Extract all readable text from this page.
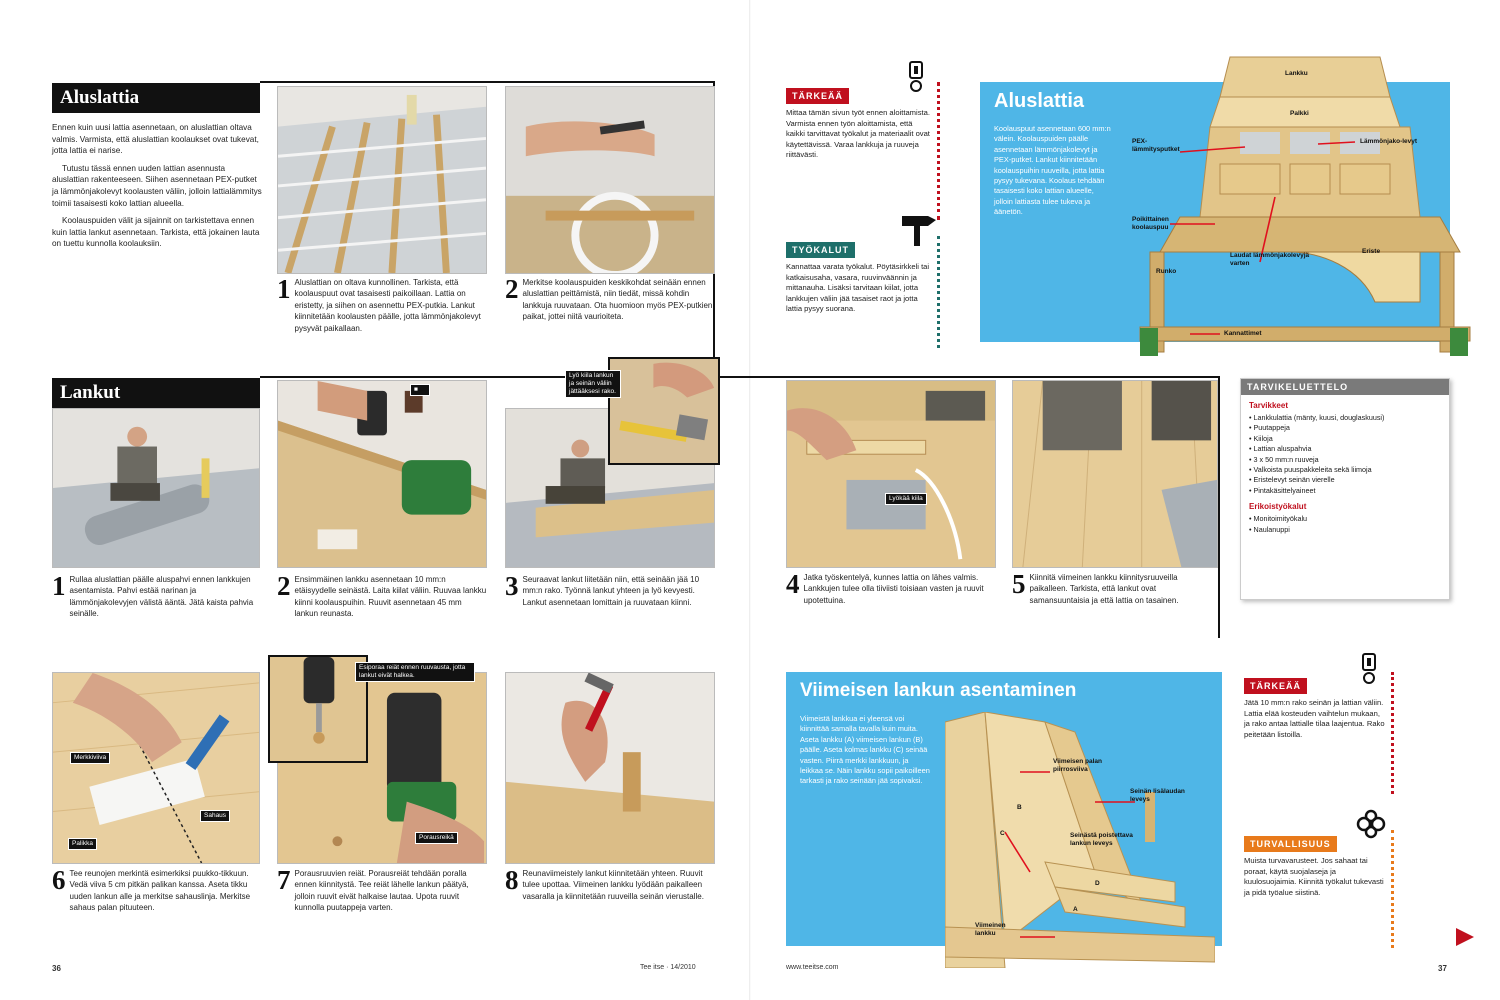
Aluslattia

Ennen kuin uusi lattia asennetaan, on aluslattian oltava valmis. Varmista, että aluslattian koolaukset ovat tukevat, jotta lattia ei narise.

Tutustu tässä ennen uuden lattian asennusta aluslattian rakenteeseen. Siihen asennetaan PEX-putket ja lämmönjakolevyt koolausten väliin, jolloin lattialämmitys toimii tasaisesti koko lattian alueella.

Koolauspuiden välit ja sijainnit on tarkistettava ennen kuin lattia lankut asennetaan. Tarkista, että jokainen lauta on tuettu kunnolla koolauksiin.

1 Aluslattian on oltava kunnollinen. Tarkista, että koolauspuut ovat tasaisesti paikoillaan. Lattia on eristetty, ja siihen on asennettu PEX-putkia. Lankut kiinnitetään koolausten päälle, jotta lämmönjakolevyt pysyvät paikallaan.
2 Merkitse koolauspuiden keskikohdat seinään ennen aluslattian peittämistä, niin tiedät, missä kohdin lankkuja ruuvataan. Ota huomioon myös PEX-putkien paikat, jottei niitä vaurioiteta.
Lankut	■
Lyö kiila lankun ja seinän väliin jättääksesi rako.
1 Rullaa aluslattian päälle aluspahvi ennen lankkujen asentamista. Pahvi estää narinan ja lämmönjakolevyjen välistä ääntä. Jätä kaista pahvia seinälle.
2 Ensimmäinen lankku asennetaan 10 mm:n etäisyydelle seinästä. Laita kiilat väliin. Ruuvaa lankku kiinni koolauspuihin. Ruuvit asennetaan 45 mm lankun reunasta.
3 Seuraavat lankut liitetään niin, että seinään jää 10 mm:n rako. Työnnä lankut yhteen ja lyö kevyesti. Lankut asennetaan lomittain ja ruuvataan kiinni.
Merkkiviiva
Sahaus
Palikka
Esiporaa reiät ennen ruuvausta, jotta lankut eivät halkea.
Porausreikä
6 Tee reunojen merkintä esimerkiksi puukko-tikkuun. Vedä viiva 5 cm pitkän palikan kanssa. Aseta tikku uuden lankun alle ja merkitse sahauslinja. Merkitse sahaus palan pituuteen.
7 Porausruuvien reiät. Porausreiät tehdään poralla ennen kiinnitystä. Tee reiät lähelle lankun päätyä, jolloin ruuvit eivät halkaise lautaa. Upota ruuvit kunnolla puutappeja varten.
8 Reunaviimeistely lankut kiinnitetään yhteen. Ruuvit tulee upottaa. Viimeinen lankku lyödään paikalleen vasaralla ja kiinnitetään ruuveilla seinän vierustalle.
36	Tee itse · 14/2010
TÄRKEÄÄ
Mittaa tämän sivun työt ennen aloittamista. Varmista ennen työn aloittamista, että kaikki tarvittavat työkalut ja materiaalit ovat käytettävissä. Varaa lankkuja ja ruuveja riittävästi.
TYÖKALUT
Kannattaa varata työkalut. Pöytäsirkkeli tai katkaisusaha, vasara, ruuvinväännin ja mittanauha. Lisäksi tarvitaan kiilat, jotta lankkujen väliin jää tasaiset raot ja jotta lattia pysyy suorana.
Aluslattia
Koolauspuut asennetaan 600 mm:n välein. Koolauspuiden päälle asennetaan lämmönjakolevyt ja PEX-putket. Lankut kiinnitetään koolauspuihin ruuveilla, jotta lattia pysyy tukevana. Koolaus tehdään tasaisesti koko lattian alueelle, jolloin lattiasta tulee tukeva ja äänetön.
Lankku
Palkki
PEX-lämmitysputket
Lämmönjako-levyt
Poikittainen koolauspuu
Eriste
Laudat lämmönjakolevyjä varten
Runko
Kannattimet
Lyökää kiila
4 Jatka työskentelyä, kunnes lattia on lähes valmis. Lankkujen tulee olla tiiviisti toisiaan vasten ja ruuvit upotettuina.
5 Kiinnitä viimeinen lankku kiinnitysruuveilla paikalleen. Tarkista, että lankut ovat samansuuntaisia ja että lattia on tasainen.
TARVIKELUETTELO
Tarvikkeet
• Lankkulattia (mänty, kuusi, douglaskuusi)
• Puutappeja
• Kiiloja
• Lattian aluspahvia
• 3 x 50 mm:n ruuveja
• Valkoista puuspakkeleita sekä liimoja
• Eristelevyt seinän vierelle
• Pintakäsittelyaineet
Erikoistyökalut
• Monitoimityökalu
• Naulanuppi
Viimeisen lankun asentaminen
Viimeistä lankkua ei yleensä voi kiinnittää samalla tavalla kuin muita. Aseta lankku (A) viimeisen lankun (B) päälle. Aseta kolmas lankku (C) seinää vasten. Piirrä merkki lankkuun, ja leikkaa se. Näin lankku sopii paikoilleen tarkasti ja rako seinään jää sopivaksi.
Viimeisen palan piirrosviiva
Seinän lisälaudan leveys
Seinästä poistettava lankun leveys
Viimeinen lankku
A
B
C
D
TÄRKEÄÄ
Jätä 10 mm:n rako seinän ja lattian väliin. Lattia elää kosteuden vaihtelun mukaan, ja rako antaa lattialle tilaa laajentua. Rako peitetään listoilla.
TURVALLISUUS
Muista turvavarusteet. Jos sahaat tai poraat, käytä suojalaseja ja kuulosuojaimia. Kiinnitä työkalut tukevasti ja pidä työalue siistinä.
www.teeitse.com	37
